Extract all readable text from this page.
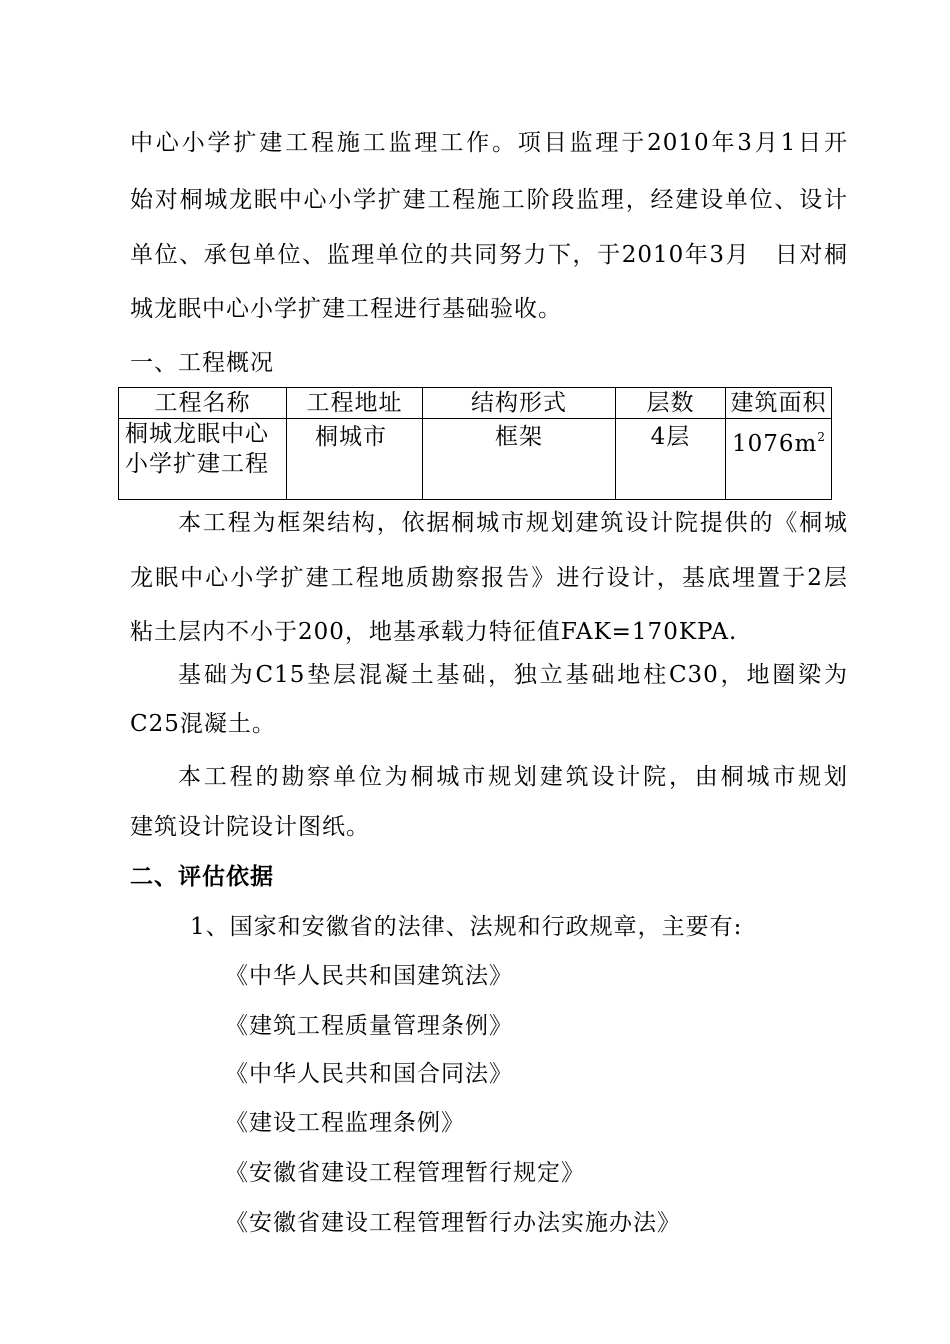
中心小学扩建工程施工监理工作。项目监理于2010年3月1日开
始对桐城龙眠中心小学扩建工程施工阶段监理，经建设单位、设计
单位、承包单位、监理单位的共同努力下，于2010年3月　日对桐
城龙眠中心小学扩建工程进行基础验收。
一、工程概况
工程名称	工程地址	结构形式	层数	建筑面积

桐城龙眠中心
小学扩建工程	桐城市	框架	4层	$1076m^2$
本工程为框架结构，依据桐城市规划建筑设计院提供的《桐城
龙眠中心小学扩建工程地质勘察报告》进行设计，基底埋置于2层
粘土层内不小于200，地基承载力特征值FAK=170KPA.
基础为C15垫层混凝土基础，独立基础地柱C30，地圈梁为
C25混凝土。
本工程的勘察单位为桐城市规划建筑设计院，由桐城市规划
建筑设计院设计图纸。
二、评估依据
1、国家和安徽省的法律、法规和行政规章，主要有:
《中华人民共和国建筑法》
《建筑工程质量管理条例》
《中华人民共和国合同法》
《建设工程监理条例》
《安徽省建设工程管理暂行规定》
《安徽省建设工程管理暂行办法实施办法》
